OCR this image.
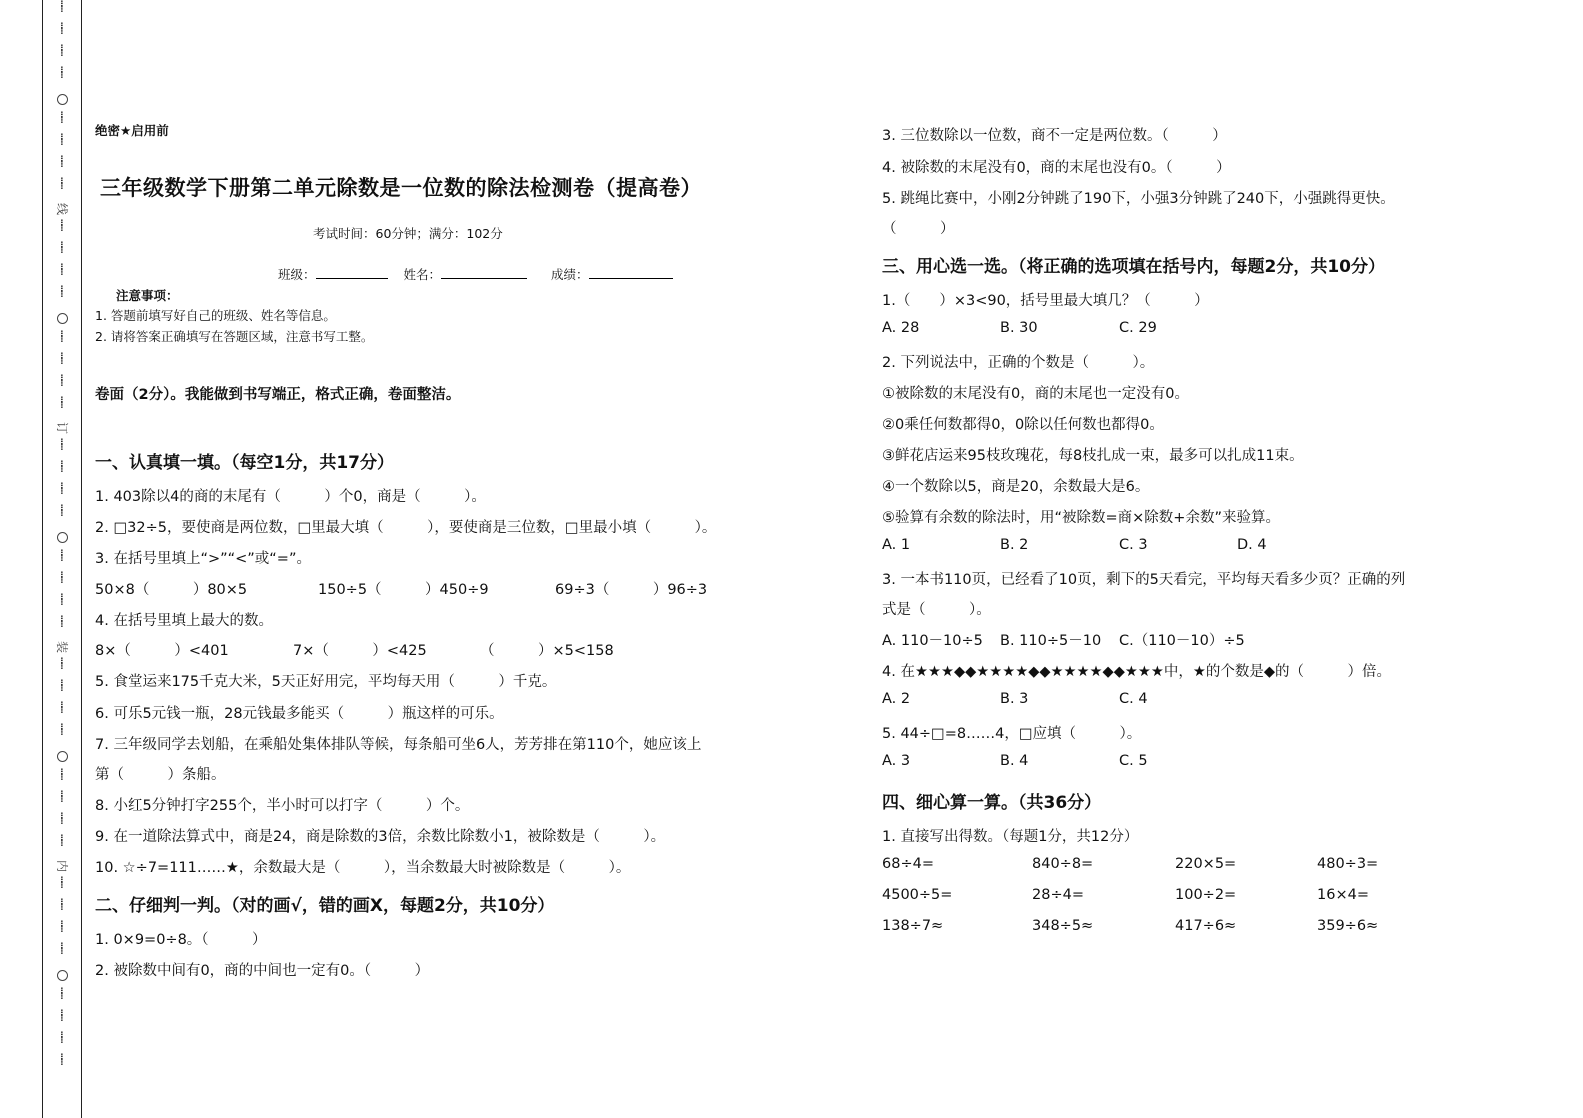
⋯⋯
⋯⋯
⋯⋯
⋯⋯
⋯⋯
⋯⋯
⋯⋯
⋯⋯
线
⋯⋯
⋯⋯
⋯⋯
⋯⋯
⋯⋯
⋯⋯
⋯⋯
⋯⋯
订
⋯⋯
⋯⋯
⋯⋯
⋯⋯
⋯⋯
⋯⋯
⋯⋯
⋯⋯
装
⋯⋯
⋯⋯
⋯⋯
⋯⋯
⋯⋯
⋯⋯
⋯⋯
⋯⋯
内
⋯⋯
⋯⋯
⋯⋯
⋯⋯
⋯⋯
⋯⋯
⋯⋯
⋯⋯
绝密★启用前
三年级数学下册第二单元除数是一位数的除法检测卷（提高卷）
考试时间：60分钟；满分：102分
班级：	姓名：	成绩：
注意事项：
1. 答题前填写好自己的班级、姓名等信息。
2. 请将答案正确填写在答题区域，注意书写工整。
卷面（2分）。我能做到书写端正，格式正确，卷面整洁。
一、认真填一填。（每空1分，共17分）
1. 403除以4的商的末尾有（　　　）个0，商是（　　　）。
2. □32÷5，要使商是两位数，□里最大填（　　　），要使商是三位数，□里最小填（　　　）。
3. 在括号里填上“>”“<”或“=”。
50×8（　　　）80×5	150÷5（　　　）450÷9	69÷3（　　　）96÷3
4. 在括号里填上最大的数。
8×（　　　）<401	7×（　　　）<425	（　　　）×5<158
5. 食堂运来175千克大米，5天正好用完，平均每天用（　　　）千克。
6. 可乐5元钱一瓶，28元钱最多能买（　　　）瓶这样的可乐。
7. 三年级同学去划船，在乘船处集体排队等候，每条船可坐6人，芳芳排在第110个，她应该上
第（　　　）条船。
8. 小红5分钟打字255个，半小时可以打字（　　　）个。
9. 在一道除法算式中，商是24，商是除数的3倍，余数比除数小1，被除数是（　　　）。
10. ☆÷7=111……★，余数最大是（　　　），当余数最大时被除数是（　　　）。
二、仔细判一判。（对的画√，错的画X，每题2分，共10分）
1. 0×9=0÷8。（　　　）
2. 被除数中间有0，商的中间也一定有0。（　　　）
3. 三位数除以一位数，商不一定是两位数。（　　　）
4. 被除数的末尾没有0，商的末尾也没有0。（　　　）
5. 跳绳比赛中，小刚2分钟跳了190下，小强3分钟跳了240下，小强跳得更快。
（　　　）
三、用心选一选。（将正确的选项填在括号内，每题2分，共10分）
1.（　　）×3<90，括号里最大填几？（　　　）
A. 28	B. 30	C. 29
2. 下列说法中，正确的个数是（　　　）。
①被除数的末尾没有0，商的末尾也一定没有0。
②0乘任何数都得0，0除以任何数也都得0。
③鲜花店运来95枝玫瑰花，每8枝扎成一束，最多可以扎成11束。
④一个数除以5，商是20，余数最大是6。
⑤验算有余数的除法时，用“被除数=商×除数+余数”来验算。
A. 1	B. 2	C. 3	D. 4
3. 一本书110页，已经看了10页，剩下的5天看完，平均每天看多少页？正确的列
式是（　　　）。
A. 110－10÷5 B. 110÷5－10 C.（110－10）÷5
4. 在★★★◆◆★★★★◆◆★★★★◆◆★★★中，★的个数是◆的（　　　）倍。
A. 2	B. 3	C. 4
5. 44÷□=8……4，□应填（　　　）。
A. 3	B. 4	C. 5
四、细心算一算。（共36分）
1. 直接写出得数。（每题1分，共12分）
68÷4=	840÷8=	220×5=	480÷3=
4500÷5=	28÷4=	100÷2=	16×4=
138÷7≈	348÷5≈	417÷6≈	359÷6≈
